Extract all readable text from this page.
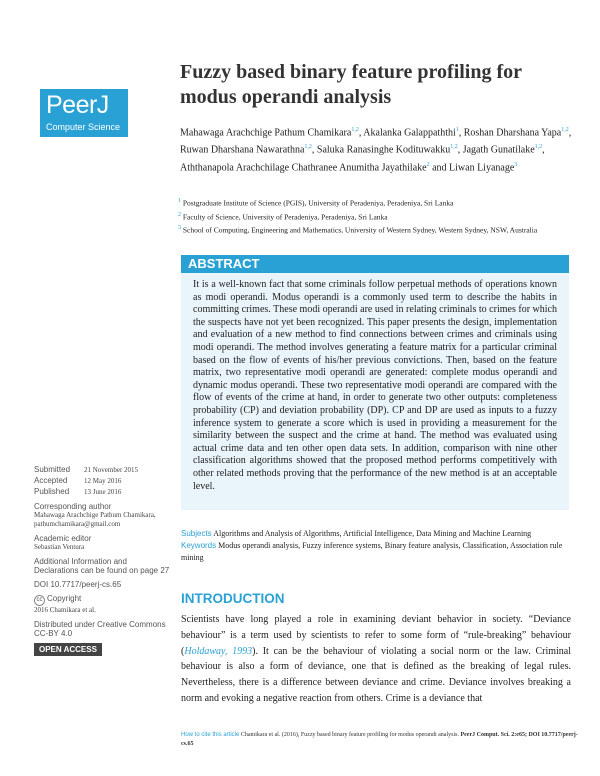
PeerJ
Computer Science
Fuzzy based binary feature profiling for modus operandi analysis
Mahawaga Arachchige Pathum Chamikara$^{1,2}$, Akalanka Galappaththi$^1$, Roshan Dharshana Yapa$^{1,2}$, Ruwan Dharshana Nawarathna$^{1,2}$, Saluka Ranasinghe Kodituwakku$^{1,2}$, Jagath Gunatilake$^{1,2}$, Aththanapola Arachchilage Chathranee Anumitha Jayathilake$^2$ and Liwan Liyanage$^3$
$^1$ Postgraduate Institute of Science (PGIS), University of Peradeniya, Peradeniya, Sri Lanka
$^2$ Faculty of Science, University of Peradeniya, Peradeniya, Sri Lanka
$^3$ School of Computing, Engineering and Mathematics, University of Western Sydney, Western Sydney, NSW, Australia
ABSTRACT
It is a well-known fact that some criminals follow perpetual methods of operations known as modi operandi. Modus operandi is a commonly used term to describe the habits in committing crimes. These modi operandi are used in relating criminals to crimes for which the suspects have not yet been recognized. This paper presents the design, implementation and evaluation of a new method to find connections between crimes and criminals using modi operandi. The method involves generating a feature matrix for a particular criminal based on the flow of events of his/her previous convictions. Then, based on the feature matrix, two representative modi operandi are generated: complete modus operandi and dynamic modus operandi. These two representative modi operandi are compared with the flow of events of the crime at hand, in order to generate two other outputs: completeness probability (CP) and deviation probability (DP). CP and DP are used as inputs to a fuzzy inference system to generate a score which is used in providing a measurement for the similarity between the suspect and the crime at hand. The method was evaluated using actual crime data and ten other open data sets. In addition, comparison with nine other classification algorithms showed that the proposed method performs competitively with other related methods proving that the performance of the new method is at an acceptable level.
Subjects Algorithms and Analysis of Algorithms, Artificial Intelligence, Data Mining and Machine Learning
Keywords Modus operandi analysis, Fuzzy inference systems, Binary feature analysis, Classification, Association rule mining
Submitted 21 November 2015
Accepted 12 May 2016
Published 13 June 2016
Corresponding author
Mahawaga Arachchige Pathum Chamikara,
pathumchamikara@gmail.com
Academic editor
Sebastian Ventura
Additional Information and Declarations can be found on page 27
DOI 10.7717/peerj-cs.65
cc Copyright
2016 Chamikara et al.
Distributed under Creative Commons CC-BY 4.0
OPEN ACCESS
INTRODUCTION
Scientists have long played a role in examining deviant behavior in society. “Deviance behaviour” is a term used by scientists to refer to some form of “rule-breaking” behaviour (Holdaway, 1993). It can be the behaviour of violating a social norm or the law. Criminal behaviour is also a form of deviance, one that is defined as the breaking of legal rules. Nevertheless, there is a difference between deviance and crime. Deviance involves breaking a norm and evoking a negative reaction from others. Crime is a deviance that
How to cite this article Chamikara et al. (2016), Fuzzy based binary feature profiling for modus operandi analysis. PeerJ Comput. Sci. 2:e65; DOI 10.7717/peerj-cs.65
